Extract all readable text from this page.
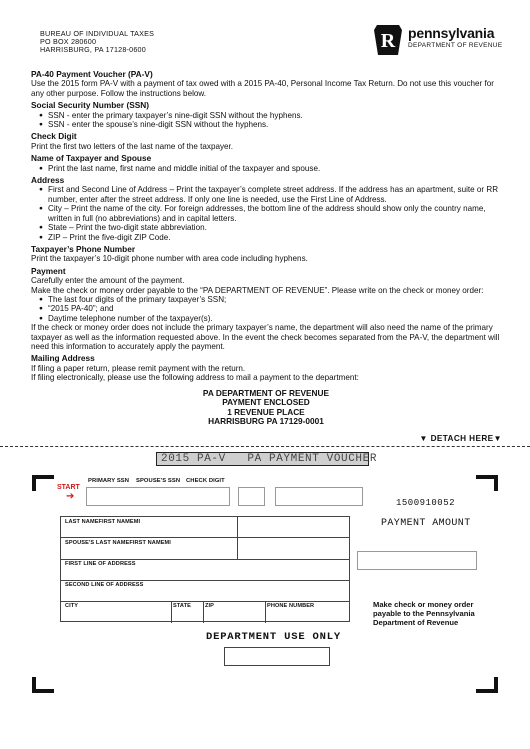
BUREAU OF INDIVIDUAL TAXES
PO BOX 280600
HARRISBURG, PA 17128-0600	R pennsylvania
DEPARTMENT OF REVENUE
PA-40 Payment Voucher (PA-V)

Use the 2015 form PA-V with a payment of tax owed with a 2015 PA-40, Personal Income Tax Return. Do not use this voucher for any other purpose. Follow the instructions below.

Social Security Number (SSN)
● SSN - enter the primary taxpayer’s nine-digit SSN without the hyphens.
● SSN - enter the spouse’s nine-digit SSN without the hyphens.
Check Digit

Print the first two letters of the last name of the taxpayer.

Name of Taxpayer and Spouse
● Print the last name, first name and middle initial of the taxpayer and spouse.
Address
● First and Second Line of Address – Print the taxpayer’s complete street address. If the address has an apartment, suite or RR number, enter after the street address. If only one line is needed, use the First Line of Address.
● City – Print the name of the city. For foreign addresses, the bottom line of the address should show only the country name, written in full (no abbreviations) and in capital letters.
● State – Print the two-digit state abbreviation.
● ZIP – Print the five-digit ZIP Code.
Taxpayer’s Phone Number

Print the taxpayer’s 10-digit phone number with area code including hyphens.

Payment

Carefully enter the amount of the payment.

Make the check or money order payable to the “PA DEPARTMENT OF REVENUE”. Please write on the check or money order:

● The last four digits of the primary taxpayer’s SSN;
● “2015 PA-40”; and
● Daytime telephone number of the taxpayer(s).

If the check or money order does not include the primary taxpayer’s name, the department will also need the name of the primary taxpayer as well as the information requested above. In the event the check becomes separated from the PA-V, the department will need this information to accurately apply the payment.

Mailing Address

If filing a paper return, please remit payment with the return.

If filing electronically, please use the following address to mail a payment to the department:

PA DEPARTMENT OF REVENUE
PAYMENT ENCLOSED
1 REVENUE PLACE
HARRISBURG PA 17129-0001
▼ DETACH HERE▼
2015 PA-V   PA PAYMENT VOUCHER
START
➔
PRIMARY SSN SPOUSE'S SSN CHECK DIGIT
1500910052
PAYMENT AMOUNT
LAST NAMEFIRST NAMEMI
SPOUSE'S LAST NAMEFIRST NAMEMI
FIRST LINE OF ADDRESS
SECOND LINE OF ADDRESS
CITY	STATE ZIP	PHONE NUMBER	Make check or money order
payable to the Pennsylvania
Department of Revenue
DEPARTMENT USE ONLY
